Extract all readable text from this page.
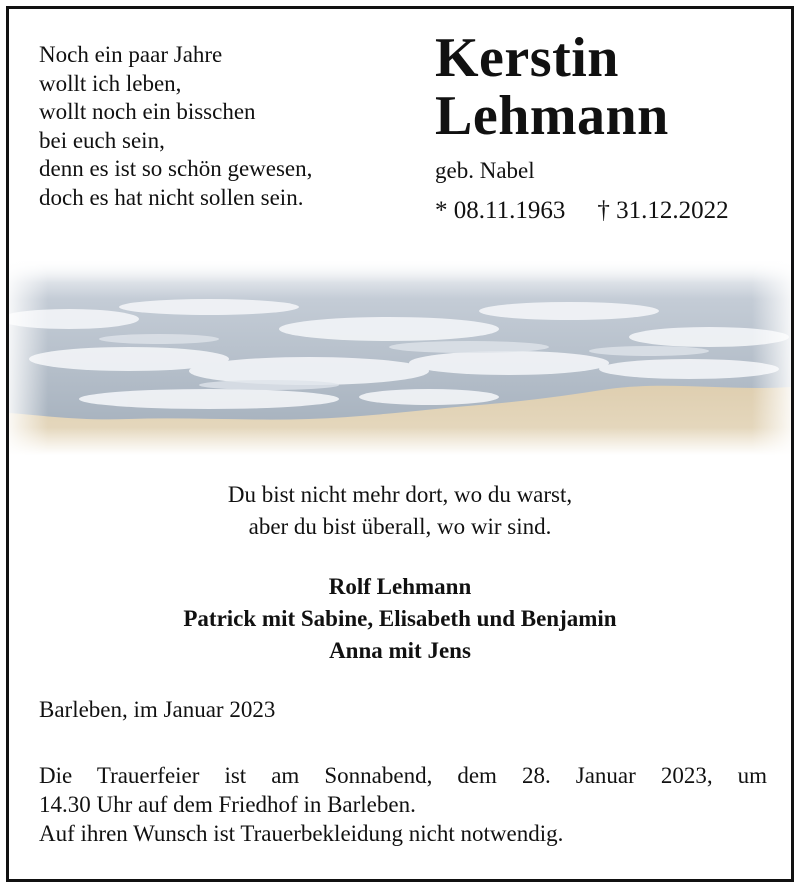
Noch ein paar Jahre
wollt ich leben,
wollt noch ein bisschen
bei euch sein,
denn es ist so schön gewesen,
doch es hat nicht sollen sein.
Kerstin
Lehmann
geb. Nabel
* 08.11.1963 † 31.12.2022
Du bist nicht mehr dort, wo du warst,
aber du bist überall, wo wir sind.
Rolf Lehmann
Patrick mit Sabine, Elisabeth und Benjamin
Anna mit Jens
Barleben, im Januar 2023
Die Trauerfeier ist am Sonnabend, dem 28. Januar 2023, um
14.30 Uhr auf dem Friedhof in Barleben.
Auf ihren Wunsch ist Trauerbekleidung nicht notwendig.
